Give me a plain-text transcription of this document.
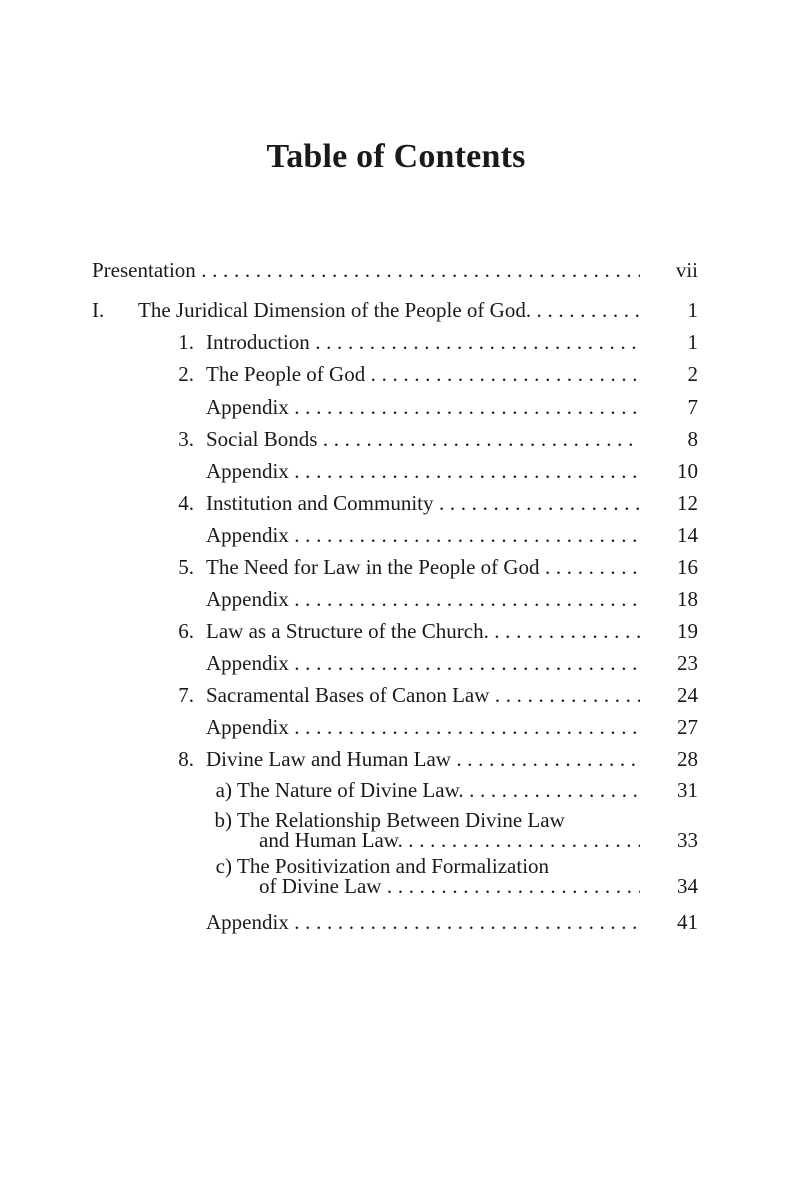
Table of Contents
Presentation . . .	vii
I. The Juridical Dimension of the People of God. . . .	1
1. Introduction . . .	1
2. The People of God . . .	2
Appendix . . .	7
3. Social Bonds . . .	8
Appendix . . .	10
4. Institution and Community . . .	12
Appendix . . .	14
5. The Need for Law in the People of God . . .	16
Appendix . . .	18
6. Law as a Structure of the Church. . . .	19
Appendix . . .	23
7. Sacramental Bases of Canon Law . . .	24
Appendix . . .	27
8. Divine Law and Human Law . . .	28
a) The Nature of Divine Law. . . .	31
b) The Relationship Between Divine Law
and Human Law. . . .	33
c) The Positivization and Formalization
of Divine Law . . .	34
Appendix . . .	41
